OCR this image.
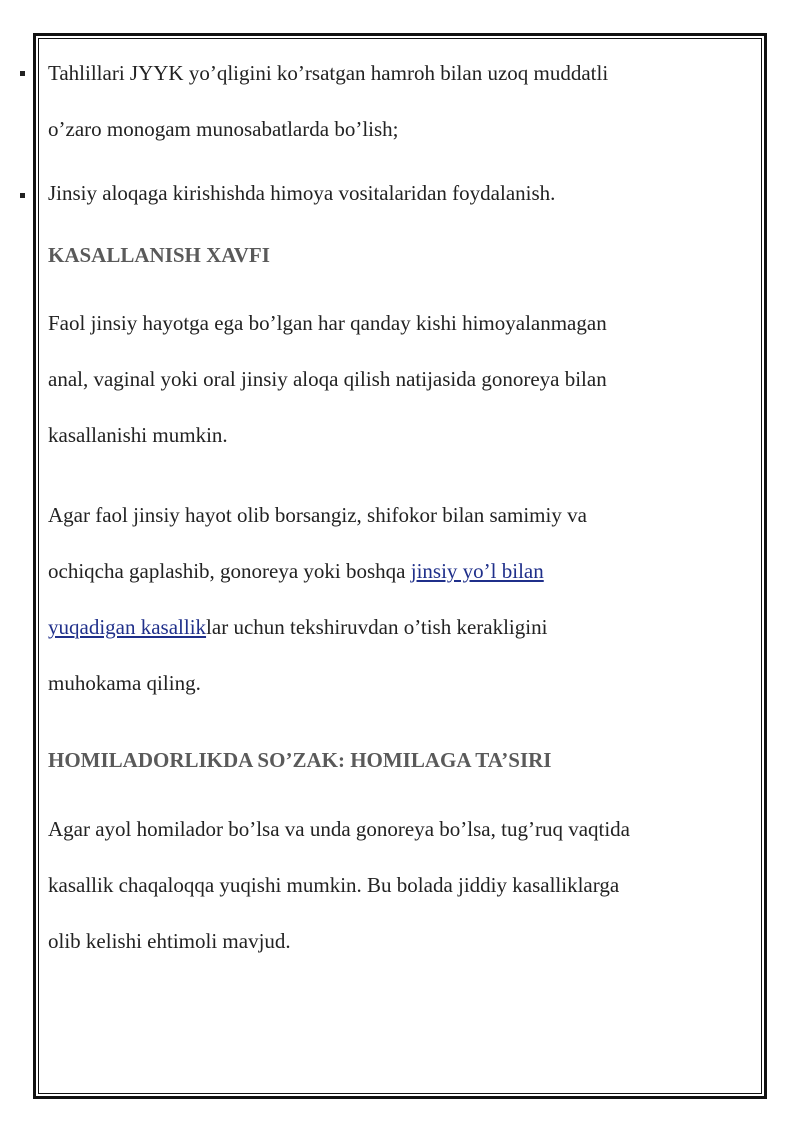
Tahlillari JYYK yo’qligini ko’rsatgan hamroh bilan uzoq muddatli
o’zaro monogam munosabatlarda bo’lish;
Jinsiy aloqaga kirishishda himoya vositalaridan foydalanish.
KASALLANISH XAVFI
Faol jinsiy hayotga ega bo’lgan har qanday kishi himoyalanmagan
anal, vaginal yoki oral jinsiy aloqa qilish natijasida gonoreya bilan
kasallanishi mumkin.
Agar faol jinsiy hayot olib borsangiz, shifokor bilan samimiy va
ochiqcha gaplashib, gonoreya yoki boshqa jinsiy yo’l bilan
yuqadigan kasalliklar uchun tekshiruvdan o’tish kerakligini
muhokama qiling.
HOMILADORLIKDA SO’ZAK: HOMILAGA TA’SIRI
Agar ayol homilador bo’lsa va unda gonoreya bo’lsa, tug’ruq vaqtida
kasallik chaqaloqqa yuqishi mumkin. Bu bolada jiddiy kasalliklarga
olib kelishi ehtimoli mavjud.
